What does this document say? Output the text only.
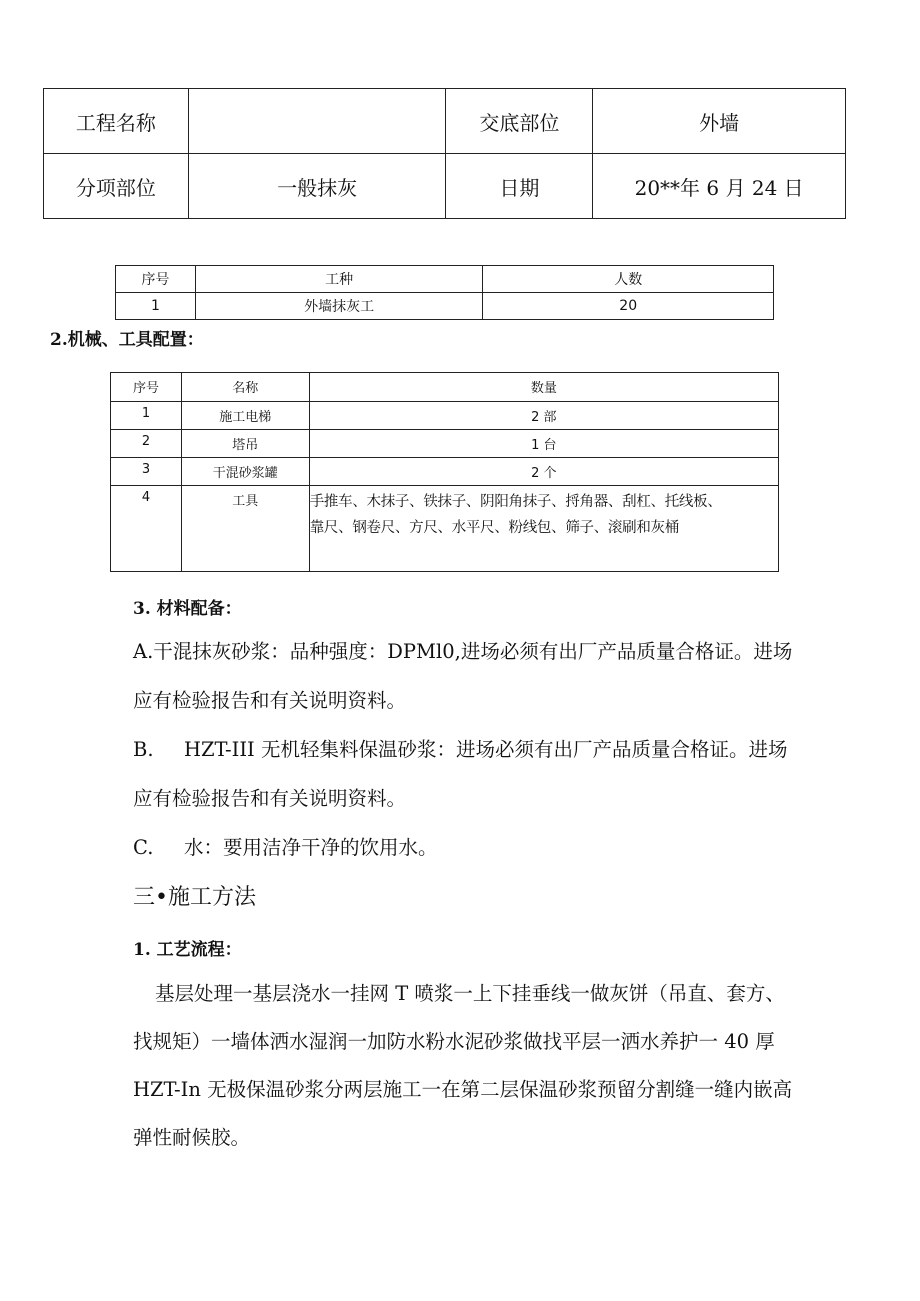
工程名称		交底部位	外墙
分项部位	一般抹灰	日期	20**年 6 月 24 日
序号	工种	人数
1	外墙抹灰工	20
2.机械、工具配置：
序号	名称	数量
1	施工电梯	2 部
2	塔吊	1 台
3	干混砂浆罐	2 个
4	工具	手推车、木抹子、铁抹子、阴阳角抹子、捋角器、刮杠、托线板、
靠尺、钢卷尺、方尺、水平尺、粉线包、筛子、滚刷和灰桶
3. 材料配备：
A.干混抹灰砂浆：品种强度：DPMl0,进场必须有出厂产品质量合格证。进场
应有检验报告和有关说明资料。
B. HZT-III 无机轻集料保温砂浆：进场必须有出厂产品质量合格证。进场
应有检验报告和有关说明资料。
C. 水：要用洁净干净的饮用水。
三•施工方法
1. 工艺流程：
基层处理一基层浇水一挂网 T 喷浆一上下挂垂线一做灰饼（吊直、套方、
找规矩）一墙体洒水湿润一加防水粉水泥砂浆做找平层一洒水养护一 40 厚
HZT-In 无极保温砂浆分两层施工一在第二层保温砂浆预留分割缝一缝内嵌高
弹性耐候胶。
